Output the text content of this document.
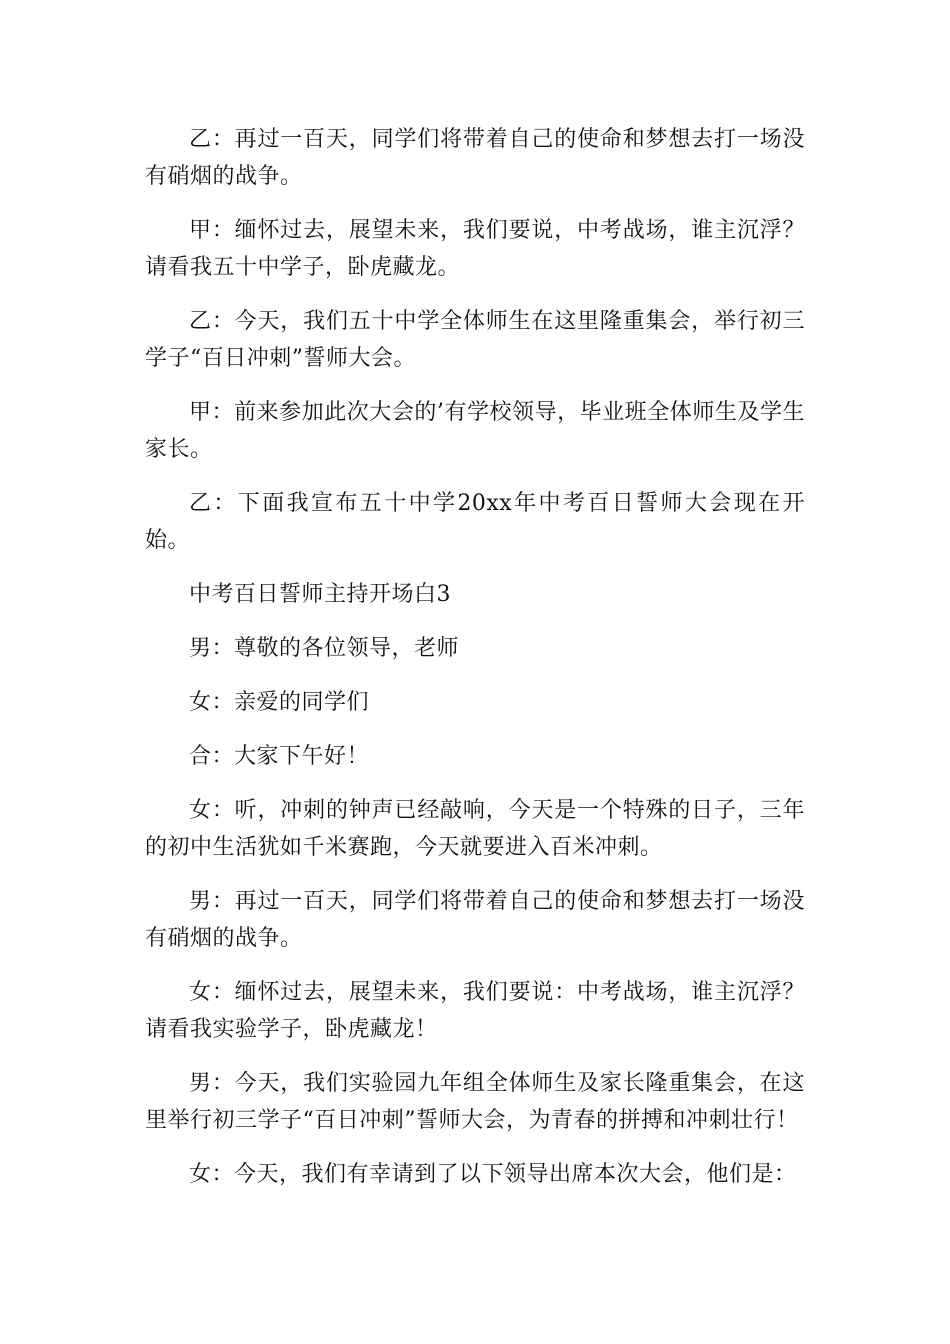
乙：再过一百天，同学们将带着自己的使命和梦想去打一场没有硝烟的战争。

甲：缅怀过去，展望未来，我们要说，中考战场，谁主沉浮？请看我五十中学子，卧虎藏龙。

乙：今天，我们五十中学全体师生在这里隆重集会，举行初三学子“百日冲刺”誓师大会。

甲：前来参加此次大会的’有学校领导，毕业班全体师生及学生家长。

乙：下面我宣布五十中学20xx年中考百日誓师大会现在开始。

中考百日誓师主持开场白3

男：尊敬的各位领导，老师

女：亲爱的同学们

合：大家下午好！

女：听，冲刺的钟声已经敲响，今天是一个特殊的日子，三年的初中生活犹如千米赛跑，今天就要进入百米冲刺。

男：再过一百天，同学们将带着自己的使命和梦想去打一场没有硝烟的战争。

女：缅怀过去，展望未来，我们要说：中考战场，谁主沉浮？请看我实验学子，卧虎藏龙！

男：今天，我们实验园九年组全体师生及家长隆重集会，在这里举行初三学子“百日冲刺”誓师大会，为青春的拼搏和冲刺壮行！

女：今天，我们有幸请到了以下领导出席本次大会，他们是：
